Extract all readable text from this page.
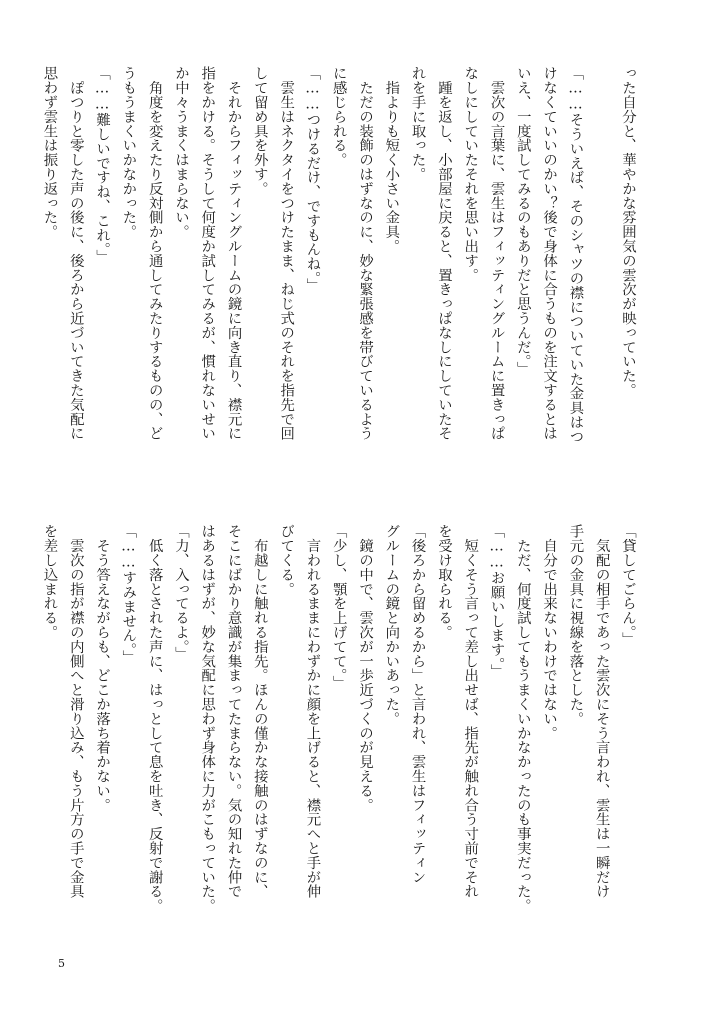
った自分と、華やかな雰囲気の雲次が映っていた。
「……そういえば、そのシャツの襟についていた金具はつ
けなくていいのかい？後で身体に合うものを注文するとは
いえ、一度試してみるのもありだと思うんだ。」
　雲次の言葉に、雲生はフィッティングルームに置きっぱ
なしにしていたそれを思い出す。
　踵を返し、小部屋に戻ると、置きっぱなしにしていたそ
れを手に取った。
　指よりも短く小さい金具。
　ただの装飾のはずなのに、妙な緊張感を帯びているよう
に感じられる。
「……つけるだけ、ですもんね。」
　雲生はネクタイをつけたまま、ねじ式のそれを指先で回
して留め具を外す。
　それからフィッティングルームの鏡に向き直り、襟元に
指をかける。そうして何度か試してみるが、慣れないせい
か中々うまくはまらない。
　角度を変えたり反対側から通してみたりするものの、ど
うもうまくいかなかった。
「……難しいですね、これ。」
　ぽつりと零した声の後に、後ろから近づいてきた気配に
思わず雲生は振り返った。
「貸してごらん。」
　気配の相手であった雲次にそう言われ、雲生は一瞬だけ
手元の金具に視線を落とした。
　自分で出来ないわけではない。
　ただ、何度試してもうまくいかなかったのも事実だった。
「……お願いします。」
　短くそう言って差し出せば、指先が触れ合う寸前でそれ
を受け取られる。
「後ろから留めるから」と言われ、雲生はフィッティン
グルームの鏡と向かいあった。
　鏡の中で、雲次が一歩近づくのが見える。
「少し、顎を上げてて。」
　言われるままにわずかに顔を上げると、襟元へと手が伸
びてくる。
　布越しに触れる指先。ほんの僅かな接触のはずなのに、
そこにばかり意識が集まってたまらない。気の知れた仲で
はあるはずが、妙な気配に思わず身体に力がこもっていた。
「力、入ってるよ。」
　低く落とされた声に、はっとして息を吐き、反射で謝る。
「……すみません。」
　そう答えながらも、どこか落ち着かない。
　雲次の指が襟の内側へと滑り込み、もう片方の手で金具
を差し込まれる。
5
